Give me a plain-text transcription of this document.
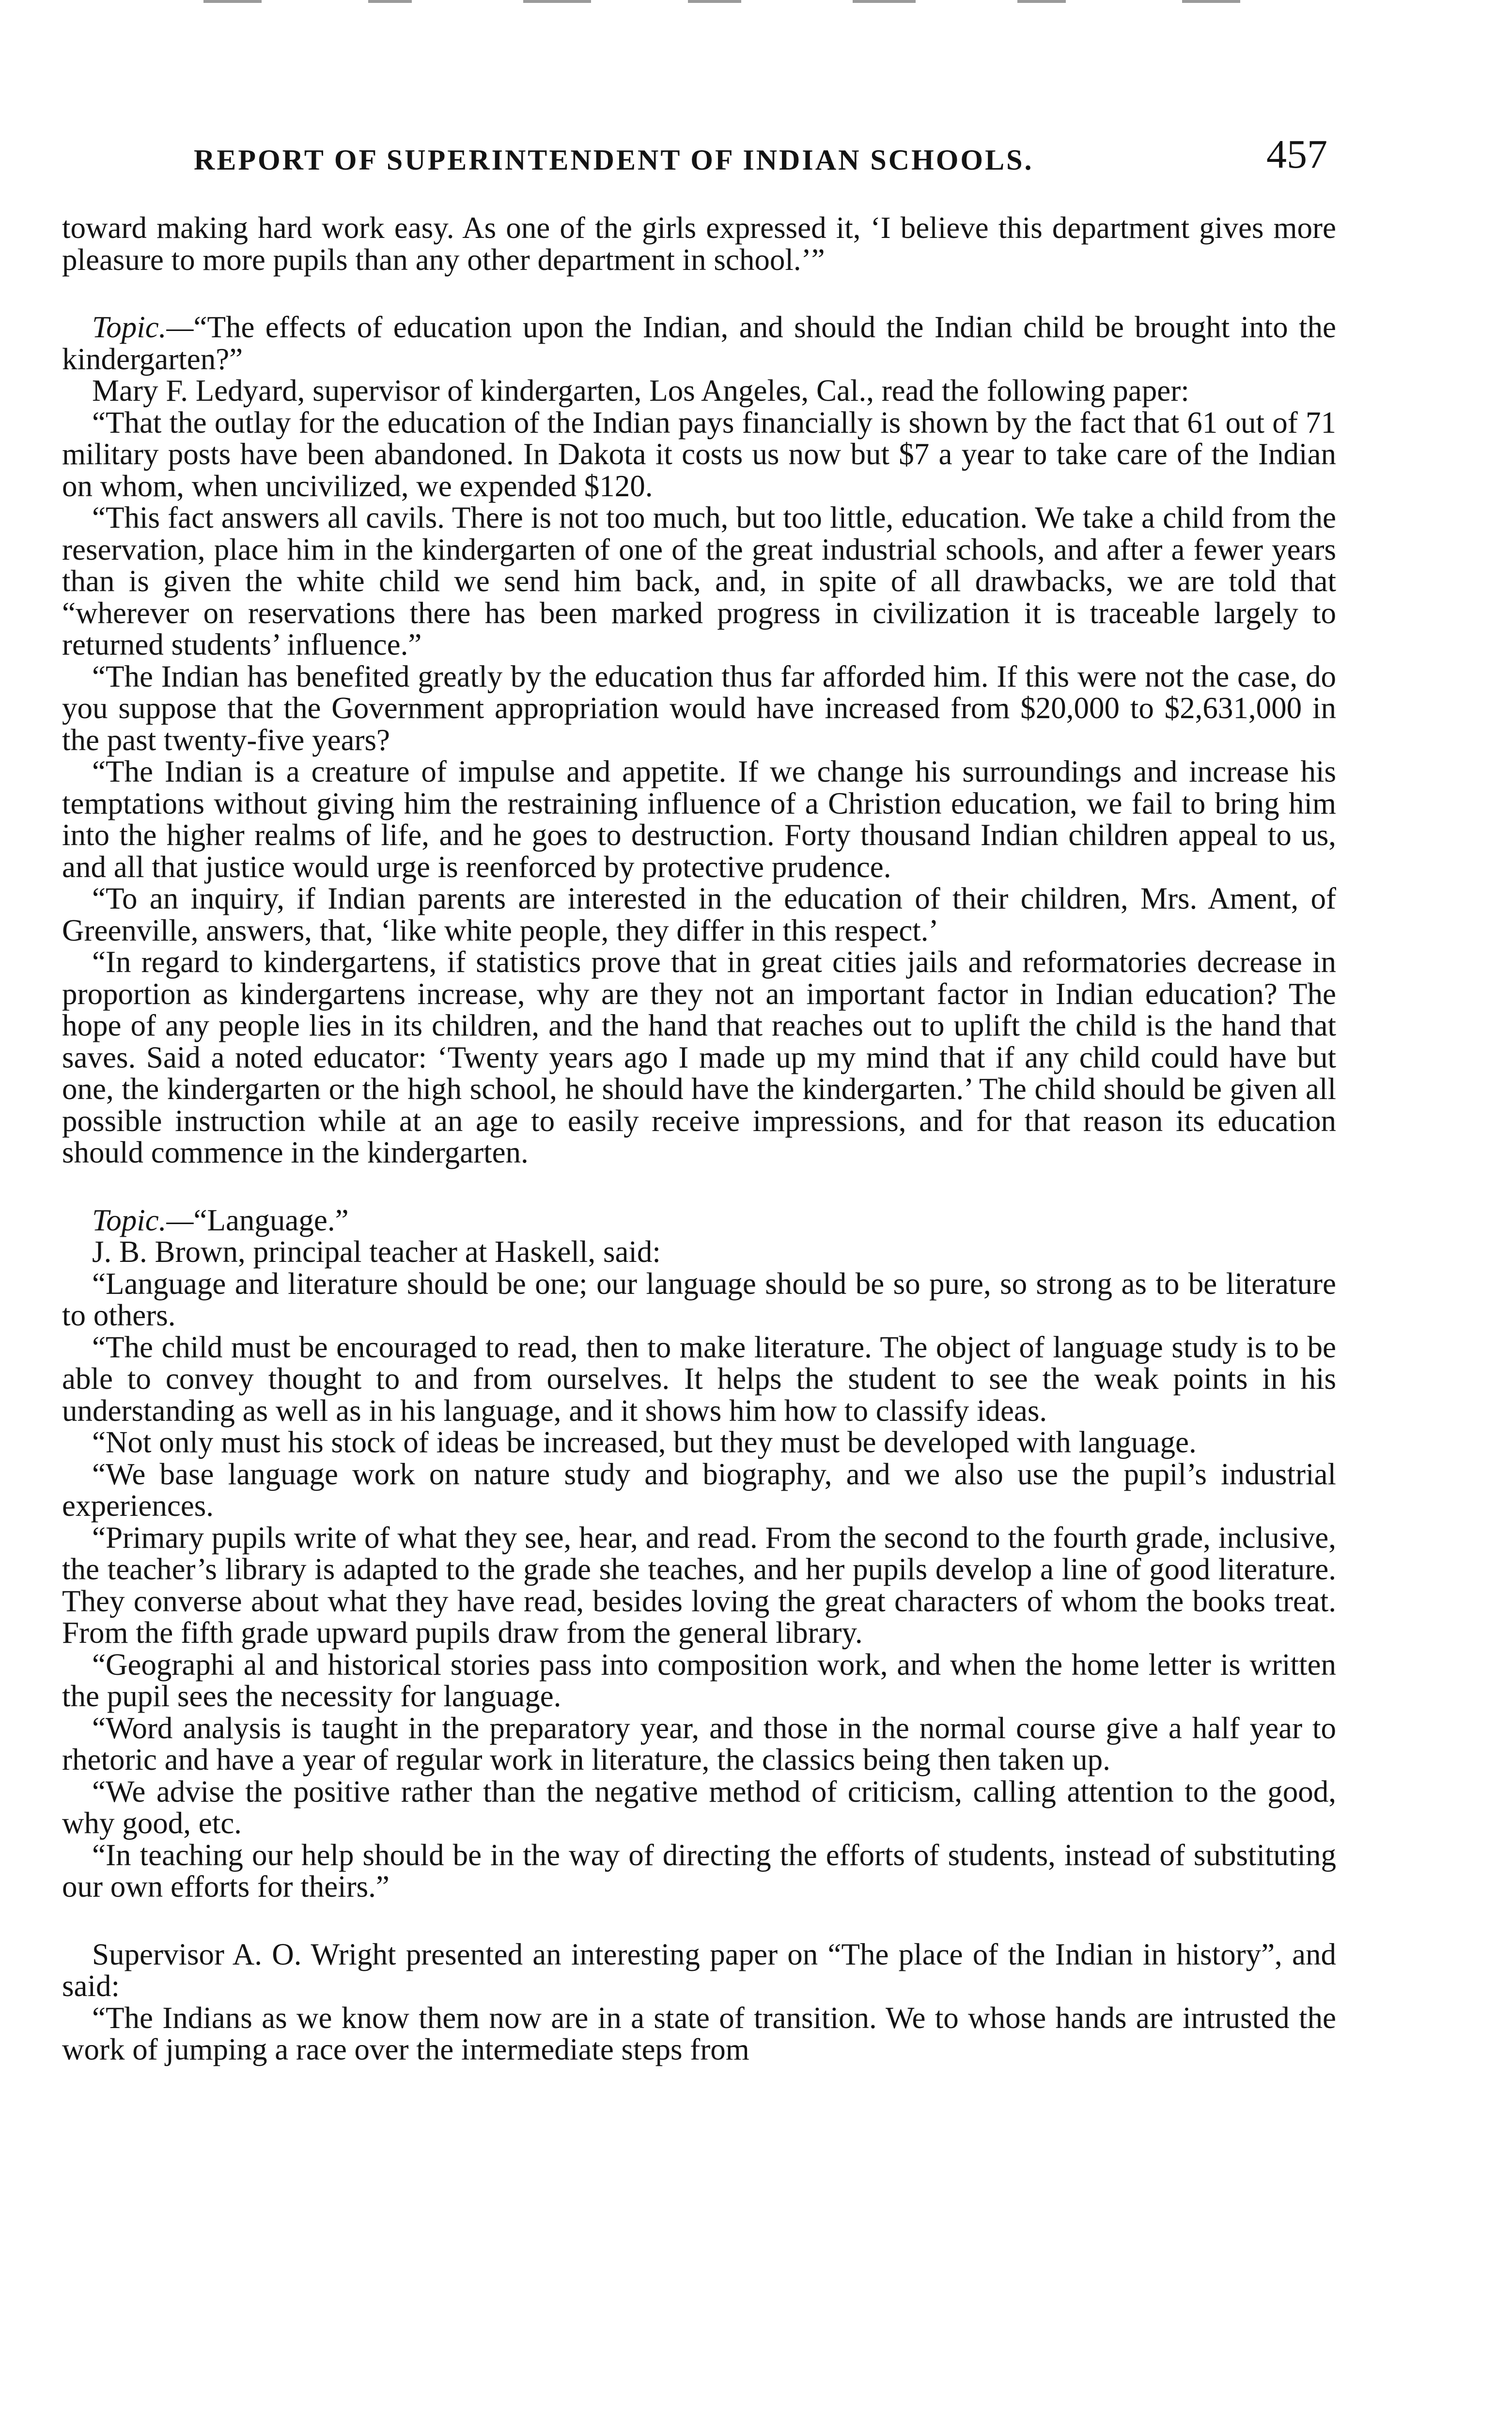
REPORT OF SUPERINTENDENT OF INDIAN SCHOOLS.	457

toward making hard work easy. As one of the girls expressed it, ‘I believe this department gives more pleasure to more pupils than any other department in school.’”

Topic.—“The effects of education upon the Indian, and should the Indian child be brought into the kindergarten?”

Mary F. Ledyard, supervisor of kindergarten, Los Angeles, Cal., read the following paper:

“That the outlay for the education of the Indian pays financially is shown by the fact that 61 out of 71 military posts have been abandoned. In Dakota it costs us now but $7 a year to take care of the Indian on whom, when uncivilized, we expended $120.

“This fact answers all cavils. There is not too much, but too little, education. We take a child from the reservation, place him in the kindergarten of one of the great industrial schools, and after a fewer years than is given the white child we send him back, and, in spite of all drawbacks, we are told that “wherever on reservations there has been marked progress in civilization it is traceable largely to returned students’ influence.”

“The Indian has benefited greatly by the education thus far afforded him. If this were not the case, do you suppose that the Government appropriation would have increased from $20,000 to $2,631,000 in the past twenty-five years?

“The Indian is a creature of impulse and appetite. If we change his surroundings and increase his temptations without giving him the restraining influence of a Christion education, we fail to bring him into the higher realms of life, and he goes to destruction. Forty thousand Indian children appeal to us, and all that justice would urge is reenforced by protective prudence.

“To an inquiry, if Indian parents are interested in the education of their children, Mrs. Ament, of Greenville, answers, that, ‘like white people, they differ in this respect.’

“In regard to kindergartens, if statistics prove that in great cities jails and reformatories decrease in proportion as kindergartens increase, why are they not an important factor in Indian education? The hope of any people lies in its children, and the hand that reaches out to uplift the child is the hand that saves. Said a noted educator: ‘Twenty years ago I made up my mind that if any child could have but one, the kindergarten or the high school, he should have the kindergarten.’ The child should be given all possible instruction while at an age to easily receive impressions, and for that reason its education should commence in the kindergarten.

Topic.—“Language.”

J. B. Brown, principal teacher at Haskell, said:

“Language and literature should be one; our language should be so pure, so strong as to be literature to others.

“The child must be encouraged to read, then to make literature. The object of language study is to be able to convey thought to and from ourselves. It helps the student to see the weak points in his understanding as well as in his language, and it shows him how to classify ideas.

“Not only must his stock of ideas be increased, but they must be developed with language.

“We base language work on nature study and biography, and we also use the pupil’s industrial experiences.

“Primary pupils write of what they see, hear, and read. From the second to the fourth grade, inclusive, the teacher’s library is adapted to the grade she teaches, and her pupils develop a line of good literature. They converse about what they have read, besides loving the great characters of whom the books treat. From the fifth grade upward pupils draw from the general library.

“Geographi al and historical stories pass into composition work, and when the home letter is written the pupil sees the necessity for language.

“Word analysis is taught in the preparatory year, and those in the normal course give a half year to rhetoric and have a year of regular work in literature, the classics being then taken up.

“We advise the positive rather than the negative method of criticism, calling attention to the good, why good, etc.

“In teaching our help should be in the way of directing the efforts of students, instead of substituting our own efforts for theirs.”

Supervisor A. O. Wright presented an interesting paper on “The place of the Indian in history”, and said:

“The Indians as we know them now are in a state of transition. We to whose hands are intrusted the work of jumping a race over the intermediate steps from
